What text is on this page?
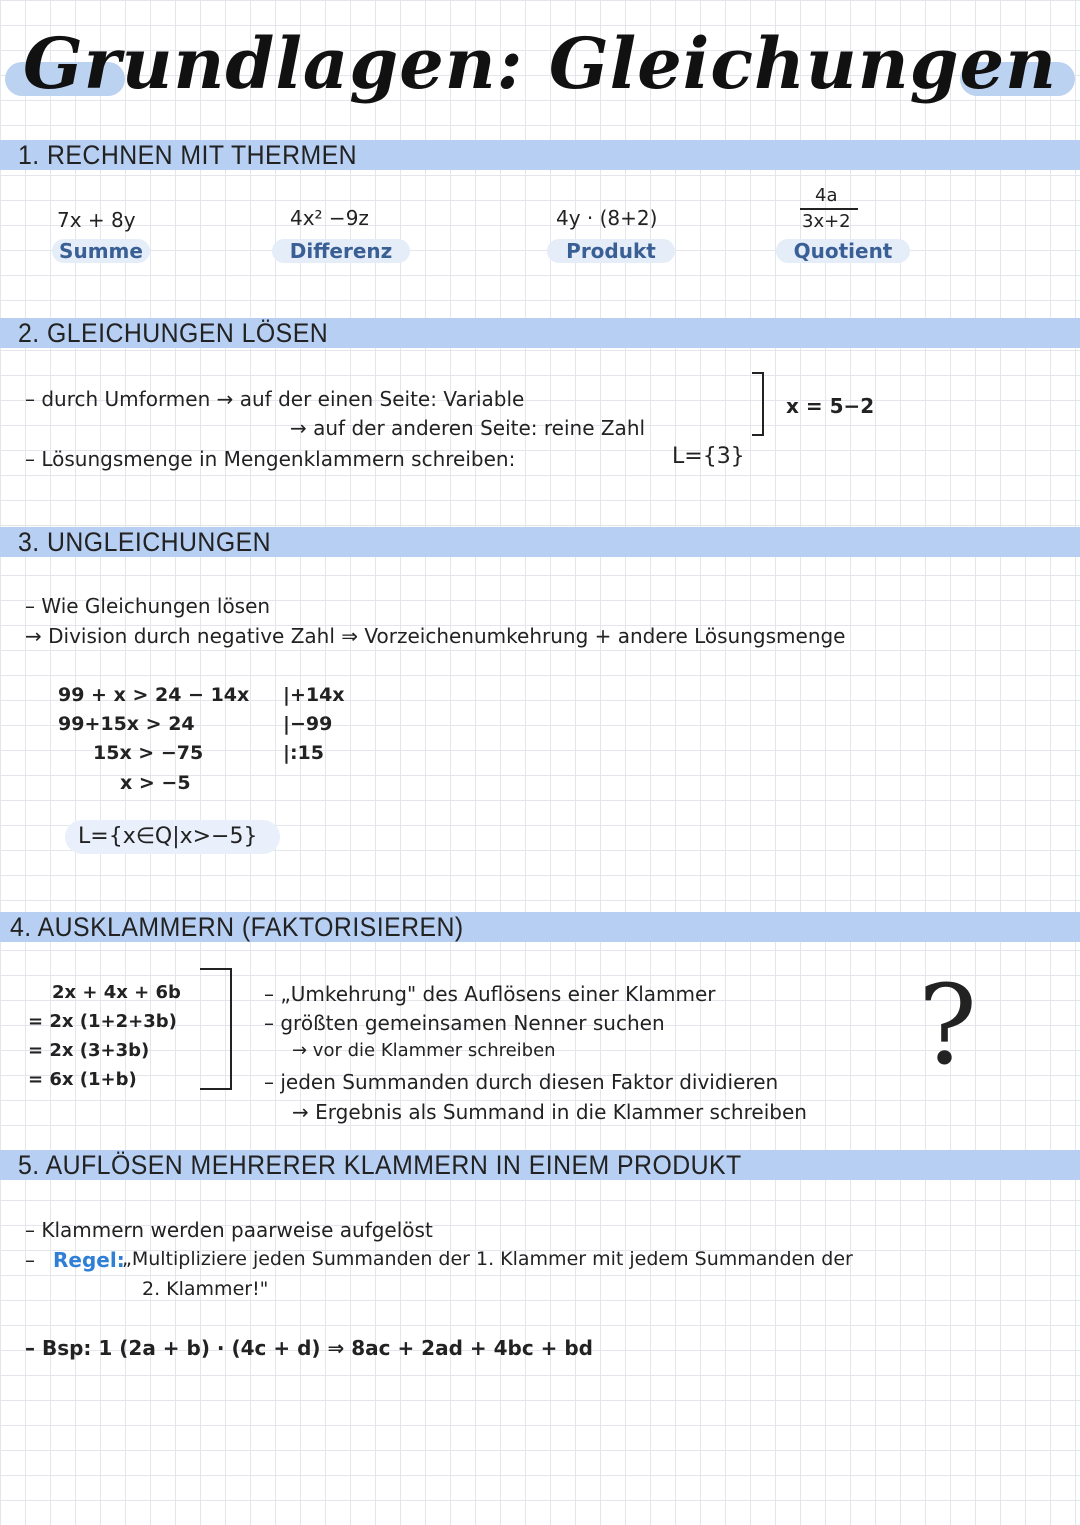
Grundlagen: Gleichungen
1. RECHNEN MIT THERMEN
7x + 8y
Summe
4x² −9z
Differenz
4y · (8+2)
Produkt
4a
3x+2
Quotient
2. GLEICHUNGEN LÖSEN
– durch Umformen → auf der einen Seite: Variable
→ auf der anderen Seite: reine Zahl
x = 5−2
– Lösungsmenge in Mengenklammern schreiben:	L={3}
3. UNGLEICHUNGEN
– Wie Gleichungen lösen
→ Division durch negative Zahl ⇒ Vorzeichenumkehrung + andere Lösungsmenge
99 + x > 24 − 14x |+14x
99+15x > 24	|−99
15x > −75	|:15
x > −5
L={x∈Q|x>−5}
4. AUSKLAMMERN (FAKTORISIEREN)
2x + 4x + 6b
= 2x (1+2+3b)
= 2x (3+3b)
= 6x (1+b)
– „Umkehrung" des Auflösens einer Klammer
– größten gemeinsamen Nenner suchen
→ vor die Klammer schreiben
– jeden Summanden durch diesen Faktor dividieren
→ Ergebnis als Summand in die Klammer schreiben
?
5. AUFLÖSEN MEHRERER KLAMMERN IN EINEM PRODUKT
– Klammern werden paarweise aufgelöst
– Regel:
„Multipliziere jeden Summanden der 1. Klammer mit jedem Summanden der
2. Klammer!"
– Bsp: 1 (2a + b) · (4c + d) ⇒ 8ac + 2ad + 4bc + bd
